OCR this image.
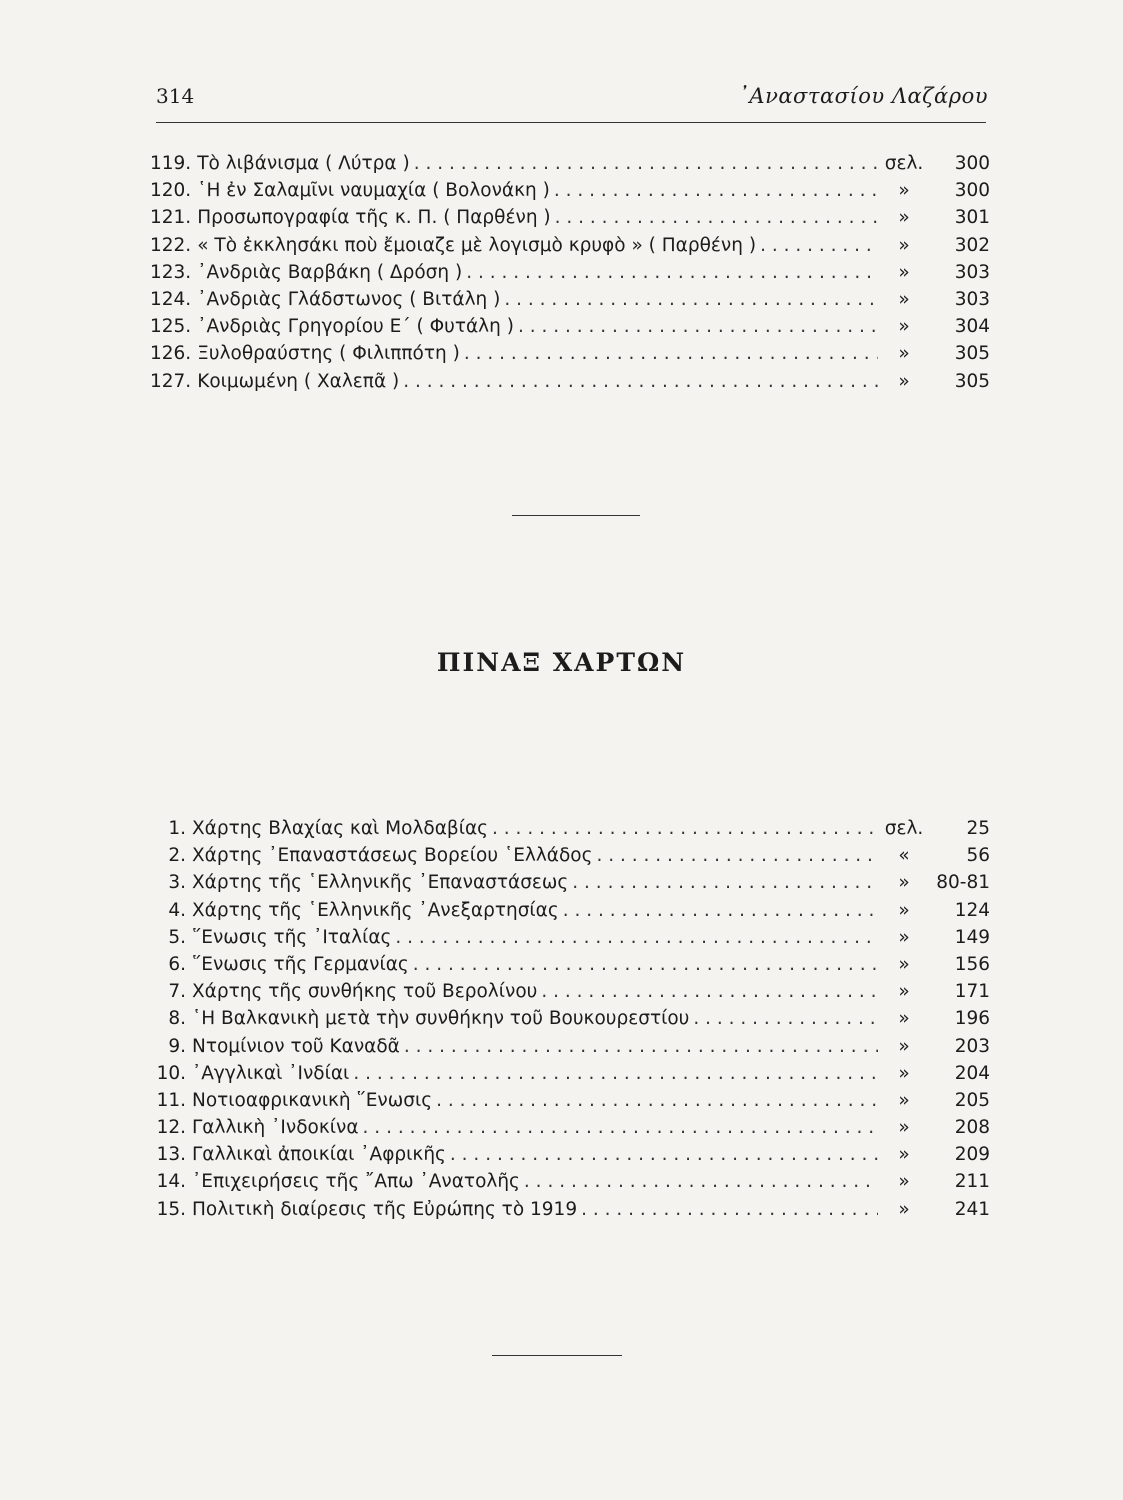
314	᾿Αναστασίου Λαζάρου
119. Τὸ λιβάνισμα ( Λύτρα ) . . .	σελ.	300
120. ῾Η ἐν Σαλαμῖνι ναυμαχία ( Βολονάκη ) . . .	»	300
121. Προσωπογραφία τῆς κ. Π. ( Παρθένη ) . . .	»	301
122. « Τὸ ἐκκλησάκι ποὺ ἔμοιαζε μὲ λογισμὸ κρυφὸ » ( Παρθένη ) . . .	»	302
123. ᾿Ανδριὰς Βαρβάκη ( Δρόση ) . . .	»	303
124. ᾿Ανδριὰς Γλάδστωνος ( Βιτάλη ) . . .	»	303
125. ᾿Ανδριὰς Γρηγορίου Ε΄ ( Φυτάλη ) . . .	»	304
126. Ξυλοθραύστης ( Φιλιππότη ) . . .	»	305
127. Κοιμωμένη ( Χαλεπᾶ ) . . .	»	305
ΠΙΝΑΞ ΧΑΡΤΩΝ
1. Χάρτης Βλαχίας καὶ Μολδαβίας . . .	σελ.	25
2. Χάρτης ᾿Επαναστάσεως Βορείου ῾Ελλάδος . . .	«	56
3. Χάρτης τῆς ῾Ελληνικῆς ᾿Επαναστάσεως . . .	»	80-81
4. Χάρτης τῆς ῾Ελληνικῆς ᾿Ανεξαρτησίας . . .	»	124
5. ῞Ενωσις τῆς ᾿Ιταλίας . . .	»	149
6. ῞Ενωσις τῆς Γερμανίας . . .	»	156
7. Χάρτης τῆς συνθήκης τοῦ Βερολίνου . . .	»	171
8. ῾Η Βαλκανικὴ μετὰ τὴν συνθήκην τοῦ Βουκουρεστίου . . .	»	196
9. Ντομίνιον τοῦ Καναδᾶ . . .	»	203
10. ᾿Αγγλικαὶ ᾿Ινδίαι . . .	»	204
11. Νοτιοαφρικανικὴ ῞Ενωσις . . .	»	205
12. Γαλλικὴ ᾿Ινδοκίνα . . .	»	208
13. Γαλλικαὶ ἀποικίαι ᾿Αφρικῆς . . .	»	209
14. ᾿Επιχειρήσεις τῆς ῎Απω ᾿Ανατολῆς . . .	»	211
15. Πολιτικὴ διαίρεσις τῆς Εὐρώπης τὸ 1919 . . .	»	241
